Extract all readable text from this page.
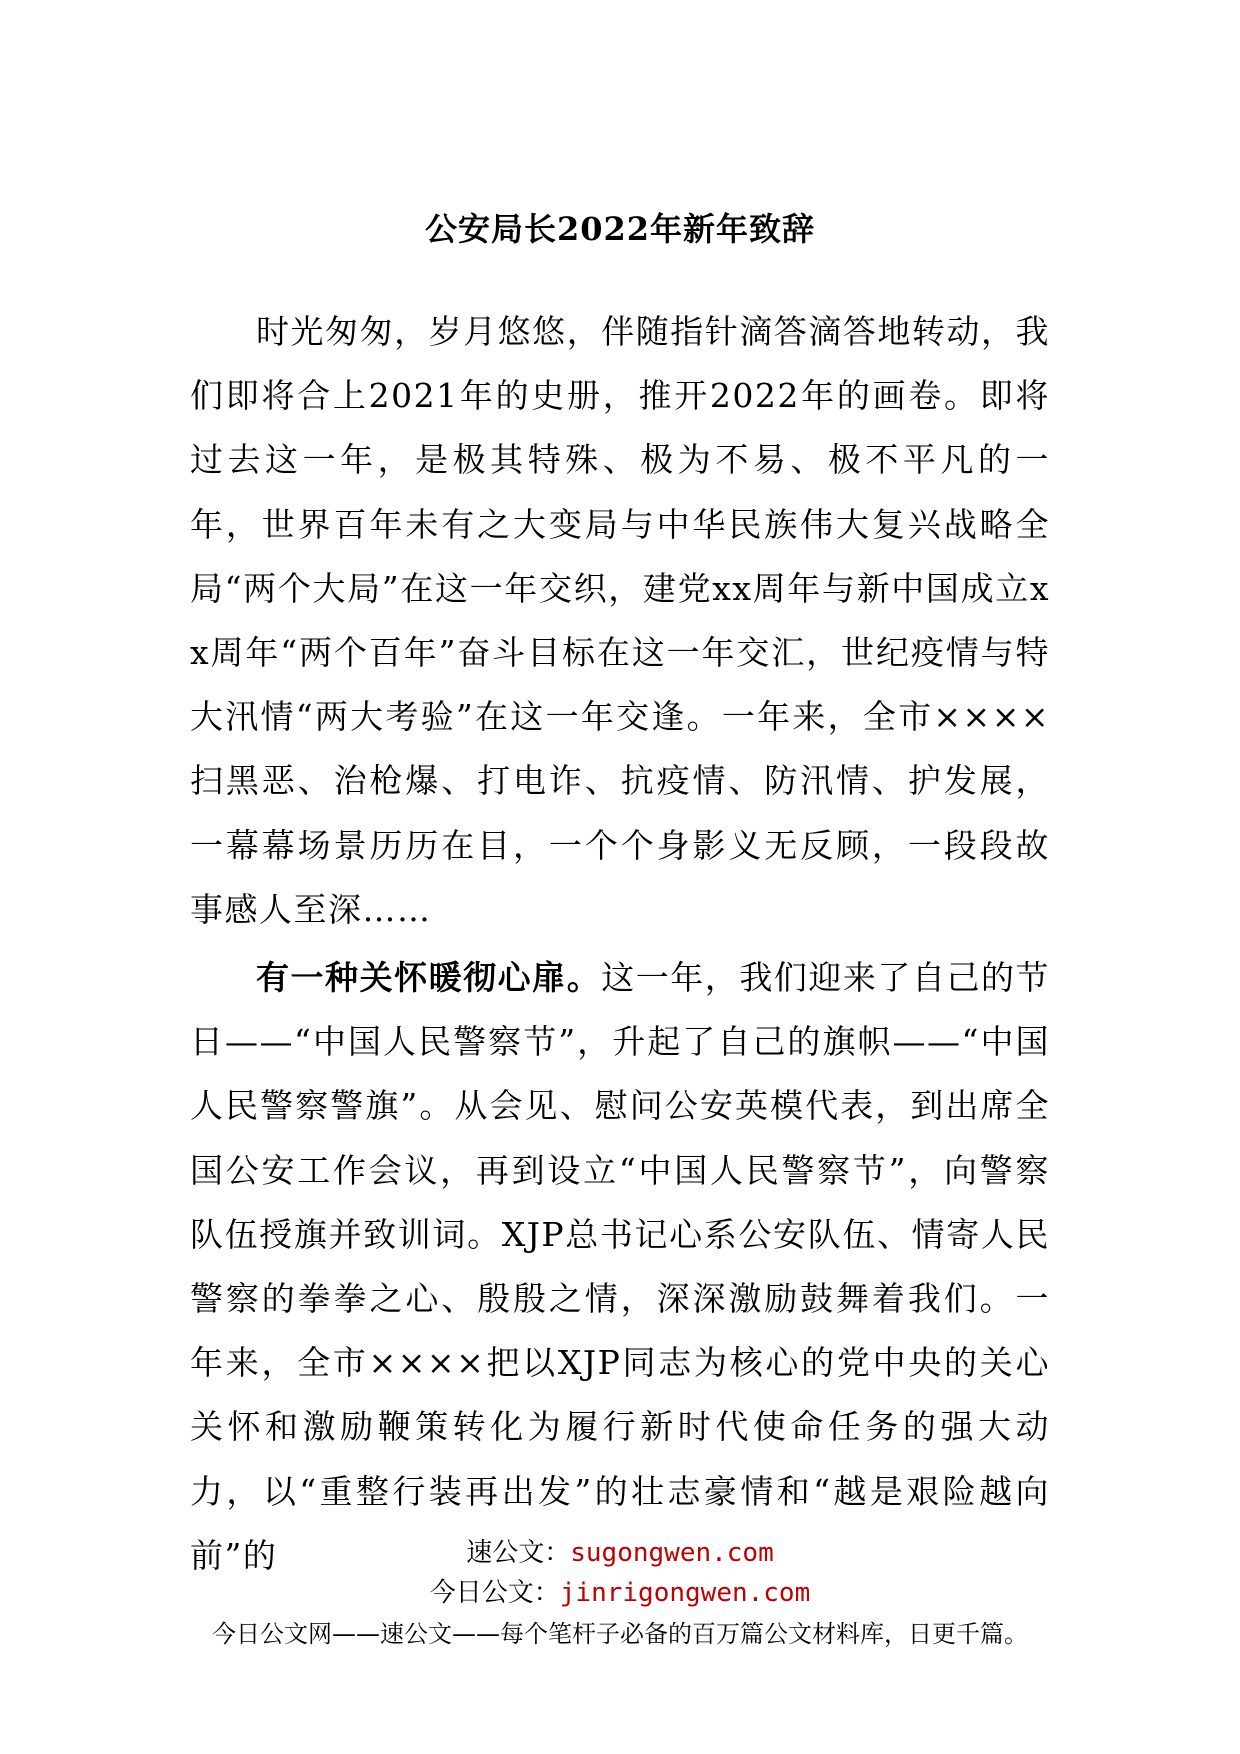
公安局长2022年新年致辞

时光匆匆，岁月悠悠，伴随指针滴答滴答地转动，我们即将合上2021年的史册，推开2022年的画卷。即将过去这一年，是极其特殊、极为不易、极不平凡的一年，世界百年未有之大变局与中华民族伟大复兴战略全局“两个大局”在这一年交织，建党xx周年与新中国成立xx周年“两个百年”奋斗目标在这一年交汇，世纪疫情与特大汛情“两大考验”在这一年交逢。一年来，全市××××扫黑恶、治枪爆、打电诈、抗疫情、防汛情、护发展，一幕幕场景历历在目，一个个身影义无反顾，一段段故事感人至深……

有一种关怀暖彻心扉。这一年，我们迎来了自己的节日——“中国人民警察节”，升起了自己的旗帜——“中国人民警察警旗”。从会见、慰问公安英模代表，到出席全国公安工作会议，再到设立“中国人民警察节”，向警察队伍授旗并致训词。XJP总书记心系公安队伍、情寄人民警察的拳拳之心、殷殷之情，深深激励鼓舞着我们。一年来，全市××××把以XJP同志为核心的党中央的关心关怀和激励鞭策转化为履行新时代使命任务的强大动力，以“重整行装再出发”的壮志豪情和“越是艰险越向前”的	速公文：sugongwen.com

今日公文：jinrigongwen.com

今日公文网——速公文——每个笔杆子必备的百万篇公文材料库，日更千篇。
